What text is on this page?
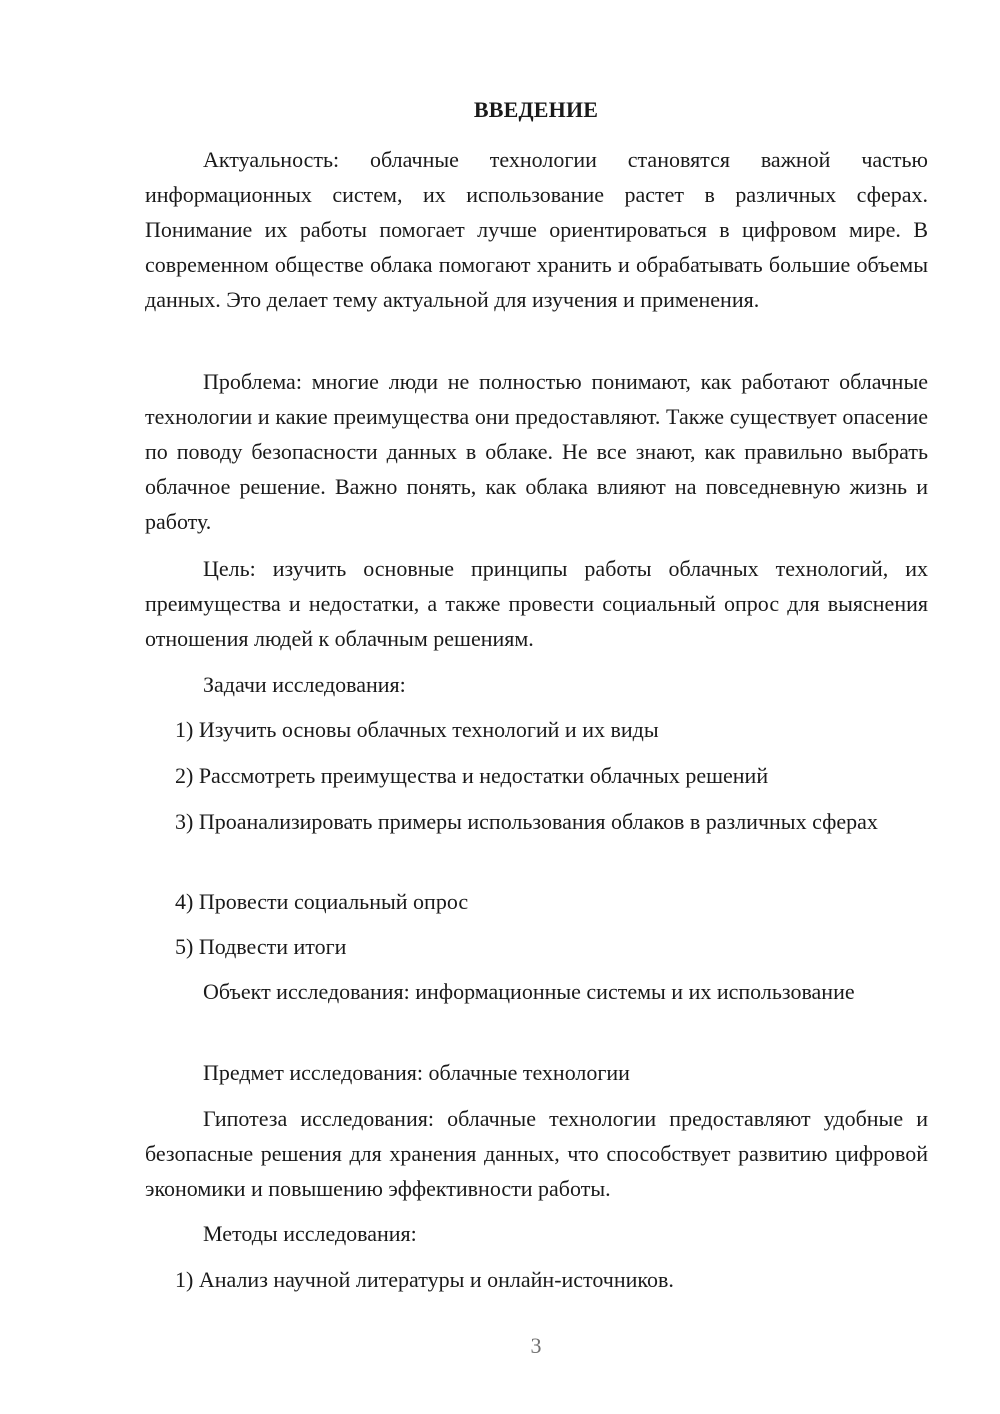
ВВЕДЕНИЕ
Актуальность: облачные технологии становятся важной частью информационных систем, их использование растет в различных сферах. Понимание их работы помогает лучше ориентироваться в цифровом мире. В современном обществе облака помогают хранить и обрабатывать большие объемы данных. Это делает тему актуальной для изучения и применения.
Проблема: многие люди не полностью понимают, как работают облачные технологии и какие преимущества они предоставляют. Также существует опасение по поводу безопасности данных в облаке. Не все знают, как правильно выбрать облачное решение. Важно понять, как облака влияют на повседневную жизнь и работу.
Цель: изучить основные принципы работы облачных технологий, их преимущества и недостатки, а также провести социальный опрос для выяснения отношения людей к облачным решениям.
Задачи исследования:
1) Изучить основы облачных технологий и их виды
2) Рассмотреть преимущества и недостатки облачных решений
3) Проанализировать примеры использования облаков в различных сферах
4) Провести социальный опрос
5) Подвести итоги
Объект исследования: информационные системы и их использование
Предмет исследования: облачные технологии
Гипотеза исследования: облачные технологии предоставляют удобные и безопасные решения для хранения данных, что способствует развитию цифровой экономики и повышению эффективности работы.
Методы исследования:
1) Анализ научной литературы и онлайн-источников.
3
